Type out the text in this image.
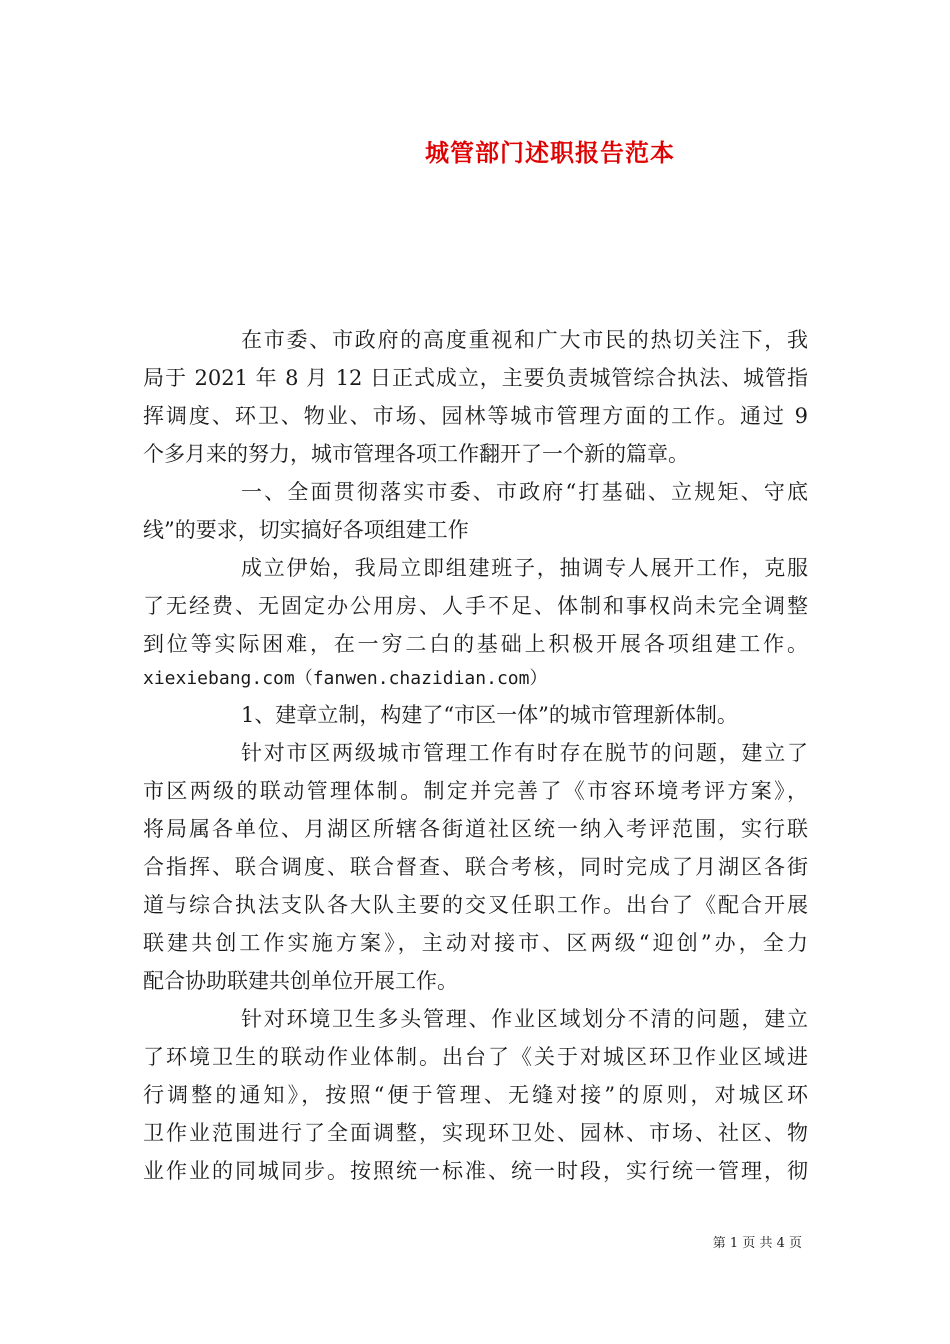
城管部门述职报告范本
在市委、市政府的高度重视和广大市民的热切关注下，我
局于 2021 年 8 月 12 日正式成立，主要负责城管综合执法、城管指
挥调度、环卫、物业、市场、园林等城市管理方面的工作。通过 9
个多月来的努力，城市管理各项工作翻开了一个新的篇章。
一、全面贯彻落实市委、市政府“打基础、立规矩、守底
线”的要求，切实搞好各项组建工作
成立伊始，我局立即组建班子，抽调专人展开工作，克服
了无经费、无固定办公用房、人手不足、体制和事权尚未完全调整
到位等实际困难，在一穷二白的基础上积极开展各项组建工作。
xiexiebang.com（fanwen.chazidian.com）
1、建章立制，构建了“市区一体”的城市管理新体制。
针对市区两级城市管理工作有时存在脱节的问题，建立了
市区两级的联动管理体制。制定并完善了《市容环境考评方案》，
将局属各单位、月湖区所辖各街道社区统一纳入考评范围，实行联
合指挥、联合调度、联合督查、联合考核，同时完成了月湖区各街
道与综合执法支队各大队主要的交叉任职工作。出台了《配合开展
联建共创工作实施方案》，主动对接市、区两级“迎创”办，全力
配合协助联建共创单位开展工作。
针对环境卫生多头管理、作业区域划分不清的问题，建立
了环境卫生的联动作业体制。出台了《关于对城区环卫作业区域进
行调整的通知》，按照“便于管理、无缝对接”的原则，对城区环
卫作业范围进行了全面调整，实现环卫处、园林、市场、社区、物
业作业的同城同步。按照统一标准、统一时段，实行统一管理，彻
第 1 页 共 4 页
